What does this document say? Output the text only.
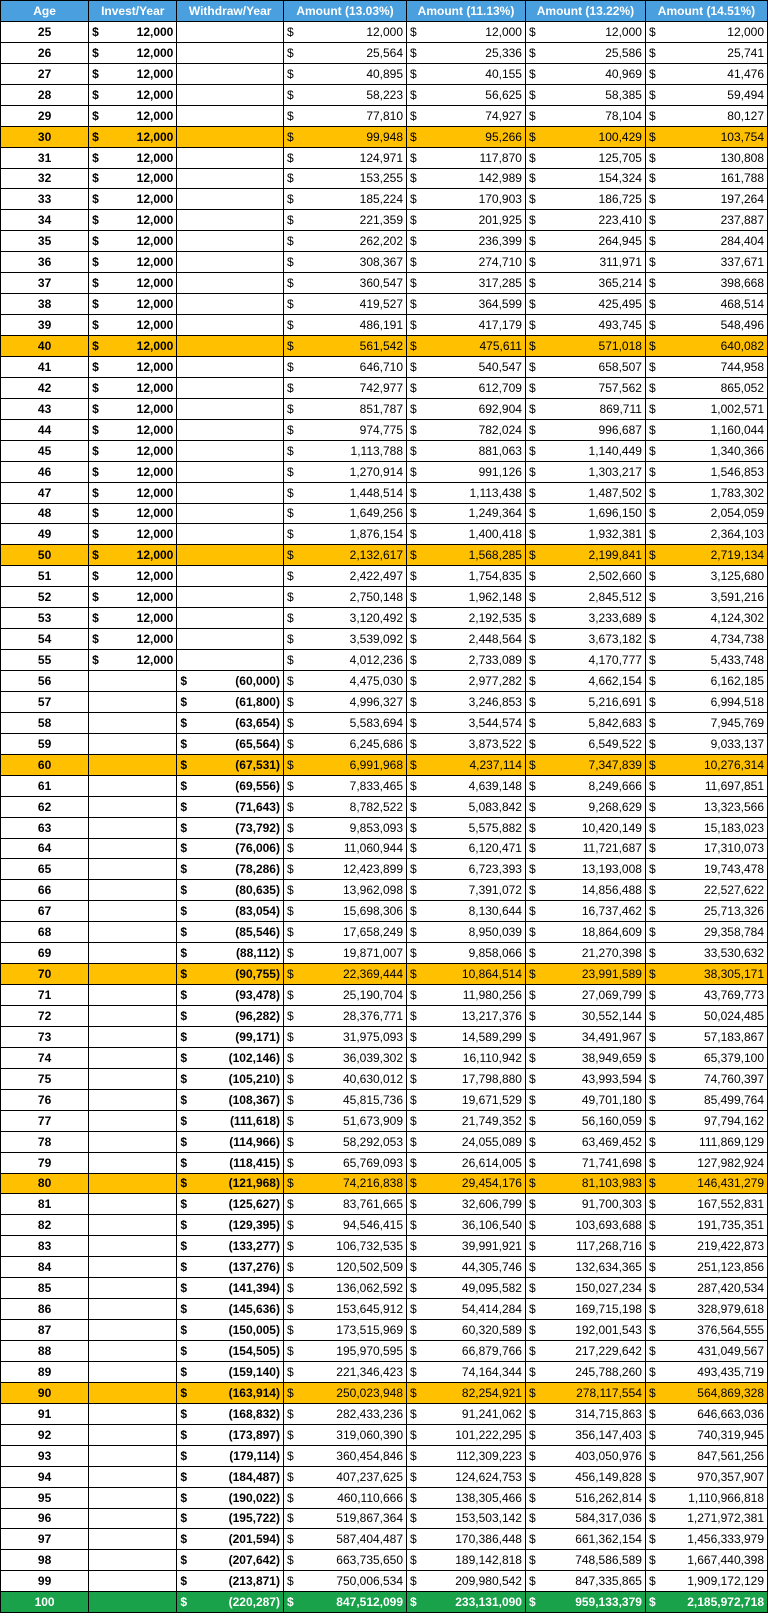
Age	Invest/Year	Withdraw/Year	Amount (13.03%)	Amount (11.13%)	Amount (13.22%)	Amount (14.51%)
25	$ 12,000		$ 12,000	$ 12,000	$ 12,000	$ 12,000

26	$ 12,000		$ 25,564	$ 25,336	$ 25,586	$ 25,741

27	$ 12,000		$ 40,895	$ 40,155	$ 40,969	$ 41,476

28	$ 12,000		$ 58,223	$ 56,625	$ 58,385	$ 59,494

29	$ 12,000		$ 77,810	$ 74,927	$ 78,104	$ 80,127

30	$ 12,000		$ 99,948	$ 95,266	$ 100,429	$ 103,754

31	$ 12,000		$ 124,971	$ 117,870	$ 125,705	$ 130,808

32	$ 12,000		$ 153,255	$ 142,989	$ 154,324	$ 161,788

33	$ 12,000		$ 185,224	$ 170,903	$ 186,725	$ 197,264

34	$ 12,000		$ 221,359	$ 201,925	$ 223,410	$ 237,887

35	$ 12,000		$ 262,202	$ 236,399	$ 264,945	$ 284,404

36	$ 12,000		$ 308,367	$ 274,710	$ 311,971	$ 337,671

37	$ 12,000		$ 360,547	$ 317,285	$ 365,214	$ 398,668

38	$ 12,000		$ 419,527	$ 364,599	$ 425,495	$ 468,514

39	$ 12,000		$ 486,191	$ 417,179	$ 493,745	$ 548,496

40	$ 12,000		$ 561,542	$ 475,611	$ 571,018	$ 640,082

41	$ 12,000		$ 646,710	$ 540,547	$ 658,507	$ 744,958

42	$ 12,000		$ 742,977	$ 612,709	$ 757,562	$ 865,052

43	$ 12,000		$ 851,787	$ 692,904	$ 869,711	$ 1,002,571

44	$ 12,000		$ 974,775	$ 782,024	$ 996,687	$ 1,160,044

45	$ 12,000		$ 1,113,788	$ 881,063	$ 1,140,449	$ 1,340,366

46	$ 12,000		$ 1,270,914	$ 991,126	$ 1,303,217	$ 1,546,853

47	$ 12,000		$ 1,448,514	$ 1,113,438	$ 1,487,502	$ 1,783,302

48	$ 12,000		$ 1,649,256	$ 1,249,364	$ 1,696,150	$ 2,054,059

49	$ 12,000		$ 1,876,154	$ 1,400,418	$ 1,932,381	$ 2,364,103

50	$ 12,000		$ 2,132,617	$ 1,568,285	$ 2,199,841	$ 2,719,134

51	$ 12,000		$ 2,422,497	$ 1,754,835	$ 2,502,660	$ 3,125,680

52	$ 12,000		$ 2,750,148	$ 1,962,148	$ 2,845,512	$ 3,591,216

53	$ 12,000		$ 3,120,492	$ 2,192,535	$ 3,233,689	$ 4,124,302

54	$ 12,000		$ 3,539,092	$ 2,448,564	$ 3,673,182	$ 4,734,738

55	$ 12,000		$ 4,012,236	$ 2,733,089	$ 4,170,777	$ 5,433,748

56		$ (60,000)	$ 4,475,030	$ 2,977,282	$ 4,662,154	$ 6,162,185

57		$ (61,800)	$ 4,996,327	$ 3,246,853	$ 5,216,691	$ 6,994,518

58		$ (63,654)	$ 5,583,694	$ 3,544,574	$ 5,842,683	$ 7,945,769

59		$ (65,564)	$ 6,245,686	$ 3,873,522	$ 6,549,522	$ 9,033,137

60		$ (67,531)	$ 6,991,968	$ 4,237,114	$ 7,347,839	$ 10,276,314

61		$ (69,556)	$ 7,833,465	$ 4,639,148	$ 8,249,666	$ 11,697,851

62		$ (71,643)	$ 8,782,522	$ 5,083,842	$ 9,268,629	$ 13,323,566

63		$ (73,792)	$ 9,853,093	$ 5,575,882	$ 10,420,149	$ 15,183,023

64		$ (76,006)	$ 11,060,944	$ 6,120,471	$ 11,721,687	$ 17,310,073

65		$ (78,286)	$ 12,423,899	$ 6,723,393	$ 13,193,008	$ 19,743,478

66		$ (80,635)	$ 13,962,098	$ 7,391,072	$ 14,856,488	$ 22,527,622

67		$ (83,054)	$ 15,698,306	$ 8,130,644	$ 16,737,462	$ 25,713,326

68		$ (85,546)	$ 17,658,249	$ 8,950,039	$ 18,864,609	$ 29,358,784

69		$ (88,112)	$ 19,871,007	$ 9,858,066	$ 21,270,398	$ 33,530,632

70		$ (90,755)	$ 22,369,444	$ 10,864,514	$ 23,991,589	$ 38,305,171

71		$ (93,478)	$ 25,190,704	$ 11,980,256	$ 27,069,799	$ 43,769,773

72		$ (96,282)	$ 28,376,771	$ 13,217,376	$ 30,552,144	$ 50,024,485

73		$ (99,171)	$ 31,975,093	$ 14,589,299	$ 34,491,967	$ 57,183,867

74		$ (102,146)	$ 36,039,302	$ 16,110,942	$ 38,949,659	$ 65,379,100

75		$ (105,210)	$ 40,630,012	$ 17,798,880	$ 43,993,594	$ 74,760,397

76		$ (108,367)	$ 45,815,736	$ 19,671,529	$ 49,701,180	$ 85,499,764

77		$ (111,618)	$ 51,673,909	$ 21,749,352	$ 56,160,059	$ 97,794,162

78		$ (114,966)	$ 58,292,053	$ 24,055,089	$ 63,469,452	$ 111,869,129

79		$ (118,415)	$ 65,769,093	$ 26,614,005	$ 71,741,698	$ 127,982,924

80		$ (121,968)	$ 74,216,838	$ 29,454,176	$ 81,103,983	$ 146,431,279

81		$ (125,627)	$ 83,761,665	$ 32,606,799	$ 91,700,303	$ 167,552,831

82		$ (129,395)	$ 94,546,415	$ 36,106,540	$ 103,693,688	$ 191,735,351

83		$ (133,277)	$ 106,732,535	$ 39,991,921	$ 117,268,716	$ 219,422,873

84		$ (137,276)	$ 120,502,509	$ 44,305,746	$ 132,634,365	$ 251,123,856

85		$ (141,394)	$ 136,062,592	$ 49,095,582	$ 150,027,234	$ 287,420,534

86		$ (145,636)	$ 153,645,912	$ 54,414,284	$ 169,715,198	$ 328,979,618

87		$ (150,005)	$ 173,515,969	$ 60,320,589	$ 192,001,543	$ 376,564,555

88		$ (154,505)	$ 195,970,595	$ 66,879,766	$ 217,229,642	$ 431,049,567

89		$ (159,140)	$ 221,346,423	$ 74,164,344	$ 245,788,260	$ 493,435,719

90		$ (163,914)	$ 250,023,948	$ 82,254,921	$ 278,117,554	$ 564,869,328

91		$ (168,832)	$ 282,433,236	$ 91,241,062	$ 314,715,863	$ 646,663,036

92		$ (173,897)	$ 319,060,390	$ 101,222,295	$ 356,147,403	$ 740,319,945

93		$ (179,114)	$ 360,454,846	$ 112,309,223	$ 403,050,976	$ 847,561,256

94		$ (184,487)	$ 407,237,625	$ 124,624,753	$ 456,149,828	$ 970,357,907

95		$ (190,022)	$ 460,110,666	$ 138,305,466	$ 516,262,814	$ 1,110,966,818

96		$ (195,722)	$ 519,867,364	$ 153,503,142	$ 584,317,036	$ 1,271,972,381

97		$ (201,594)	$ 587,404,487	$ 170,386,448	$ 661,362,154	$ 1,456,333,979

98		$ (207,642)	$ 663,735,650	$ 189,142,818	$ 748,586,589	$ 1,667,440,398

99		$ (213,871)	$ 750,006,534	$ 209,980,542	$ 847,335,865	$ 1,909,172,129

100		$ (220,287)	$ 847,512,099	$ 233,131,090	$ 959,133,379	$ 2,185,972,718
